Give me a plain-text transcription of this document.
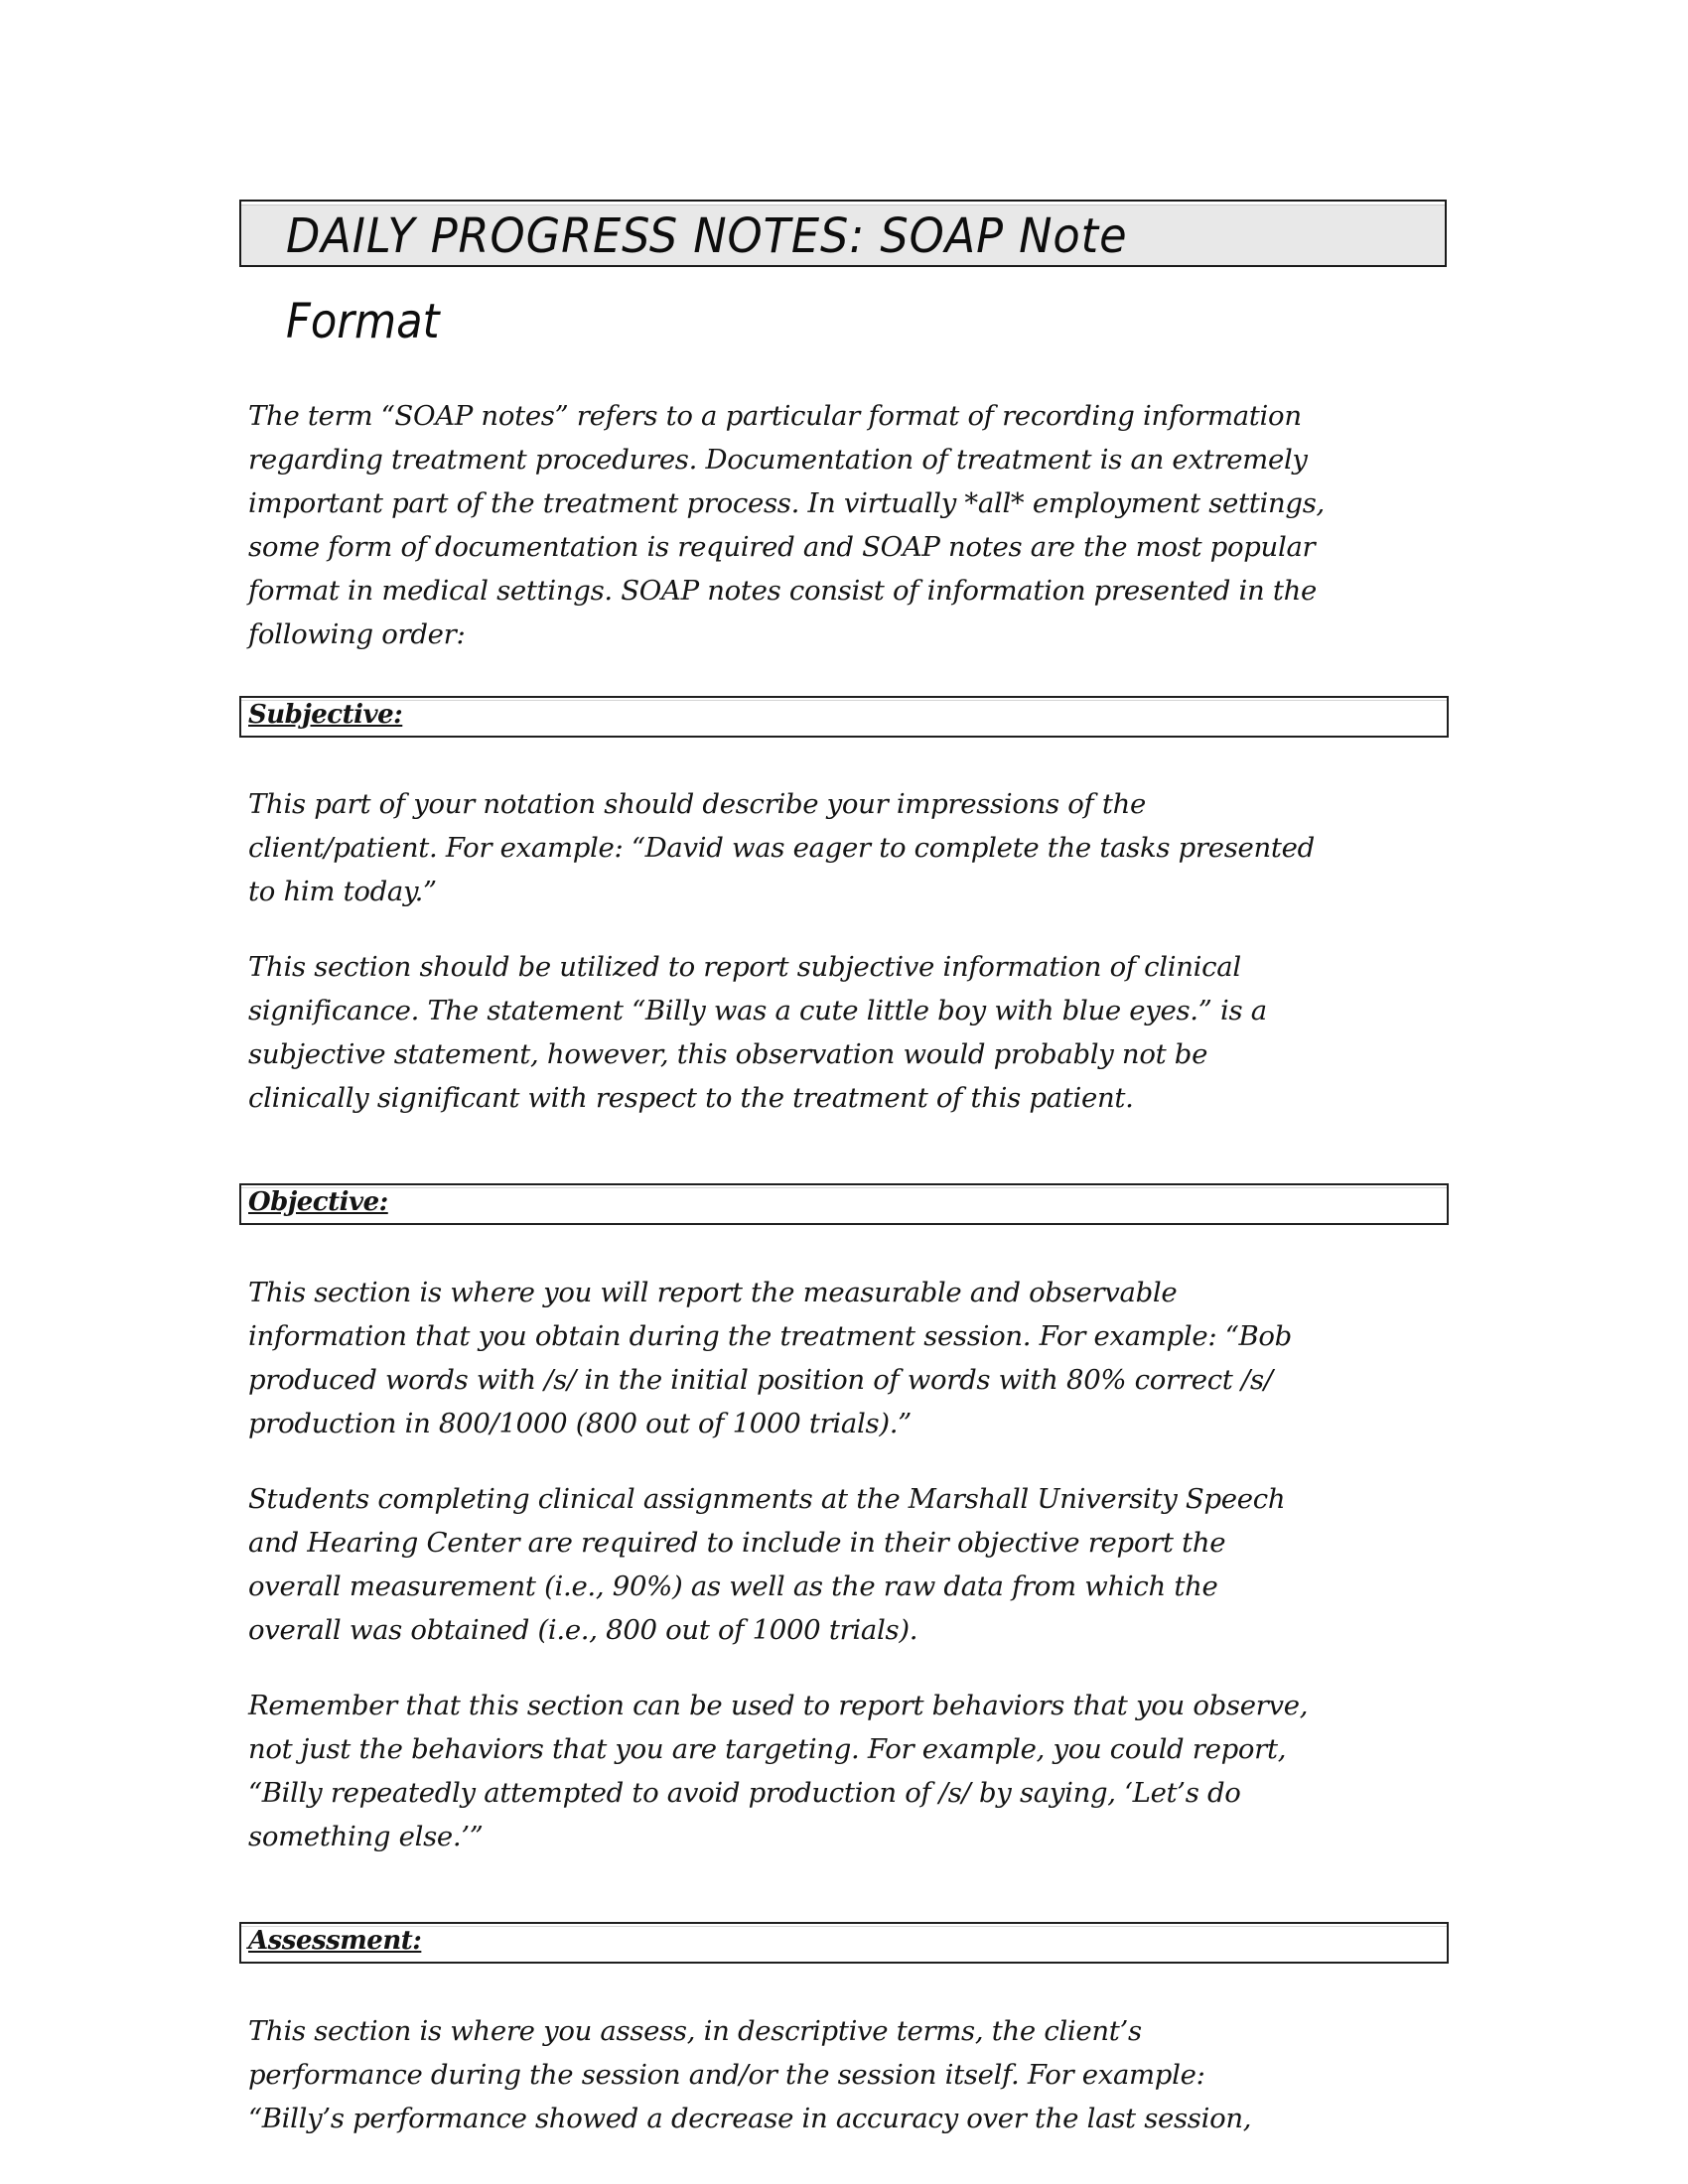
DAILY PROGRESS NOTES: SOAP Note
Format
The term “SOAP notes” refers to a particular format of recording information
regarding treatment procedures. Documentation of treatment is an extremely
important part of the treatment process. In virtually *all* employment settings,
some form of documentation is required and SOAP notes are the most popular
format in medical settings. SOAP notes consist of information presented in the
following order:
Subjective:
This part of your notation should describe your impressions of the
client/patient. For example: “David was eager to complete the tasks presented
to him today.”
This section should be utilized to report subjective information of clinical
significance. The statement “Billy was a cute little boy with blue eyes.” is a
subjective statement, however, this observation would probably not be
clinically significant with respect to the treatment of this patient.
Objective:
This section is where you will report the measurable and observable
information that you obtain during the treatment session. For example: “Bob
produced words with /s/ in the initial position of words with 80% correct /s/
production in 800/1000 (800 out of 1000 trials).”
Students completing clinical assignments at the Marshall University Speech
and Hearing Center are required to include in their objective report the
overall measurement (i.e., 90%) as well as the raw data from which the
overall was obtained (i.e., 800 out of 1000 trials).
Remember that this section can be used to report behaviors that you observe,
not just the behaviors that you are targeting. For example, you could report,
“Billy repeatedly attempted to avoid production of /s/ by saying, ‘Let’s do
something else.’”
Assessment:
This section is where you assess, in descriptive terms, the client’s
performance during the session and/or the session itself. For example:
“Billy’s performance showed a decrease in accuracy over the last session,
